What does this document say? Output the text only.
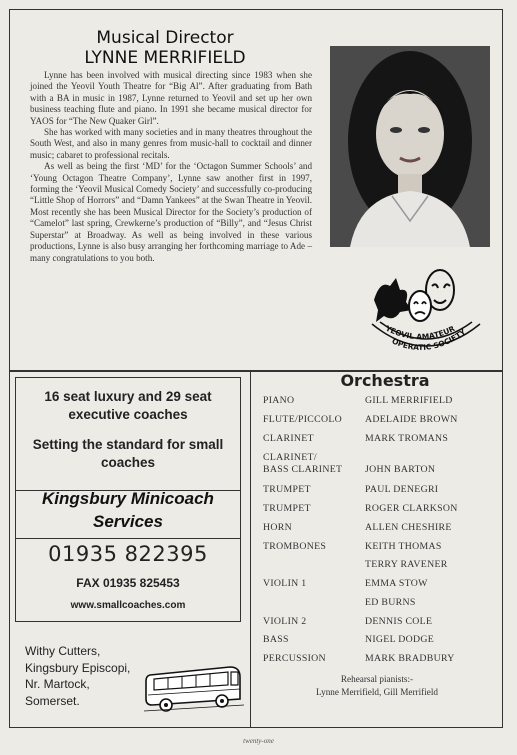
Musical Director
LYNNE MERRIFIELD

Lynne has been involved with musical directing since 1983 when she joined the Yeovil Youth Theatre for “Big Al”. After graduating from Bath with a BA in music in 1987, Lynne returned to Yeovil and set up her own business teaching flute and piano. In 1991 she became musical director for YAOS for “The New Quaker Girl”.

She has worked with many societies and in many theatres throughout the South West, and also in many genres from music-hall to cocktail and dinner music; cabaret to professional recitals.

As well as being the first ‘MD’ for the ‘Octagon Summer Schools’ and ‘Young Octagon Theatre Company’, Lynne saw another first in 1997, forming the ‘Yeovil Musical Comedy Society’ and successfully co-producing “Little Shop of Horrors” and “Damn Yankees” at the Swan Theatre in Yeovil. Most recently she has been Musical Director for the Society’s production of “Camelot” last spring, Crewkerne’s production of “Billy”, and “Jesus Christ Superstar” at Broadway. As well as being involved in these various productions, Lynne is also busy arranging her forthcoming marriage to Ade – many congratulations to you both.

YEOVIL AMATEUR
OPERATIC SOCIETY
16 seat luxury and 29 seat executive coaches
Setting the standard for small coaches
Kingsbury Minicoach Services
01935 822395
FAX 01935 825453
www.smallcoaches.com
Withy Cutters,
Kingsbury Episcopi,
Nr. Martock,
Somerset.
Orchestra
PIANO	GILL MERRIFIELD
FLUTE/PICCOLO ADELAIDE BROWN
CLARINET	MARK TROMANS
CLARINET/
BASS CLARINET JOHN BARTON
TRUMPET	PAUL DENEGRI
TRUMPET	ROGER CLARKSON
HORN	ALLEN CHESHIRE
TROMBONES	KEITH THOMAS
TERRY RAVENER
VIOLIN 1	EMMA STOW
ED BURNS
VIOLIN 2	DENNIS COLE
BASS	NIGEL DODGE
PERCUSSION	MARK BRADBURY
Rehearsal pianists:-
Lynne Merrifield, Gill Merrifield
twenty-one
